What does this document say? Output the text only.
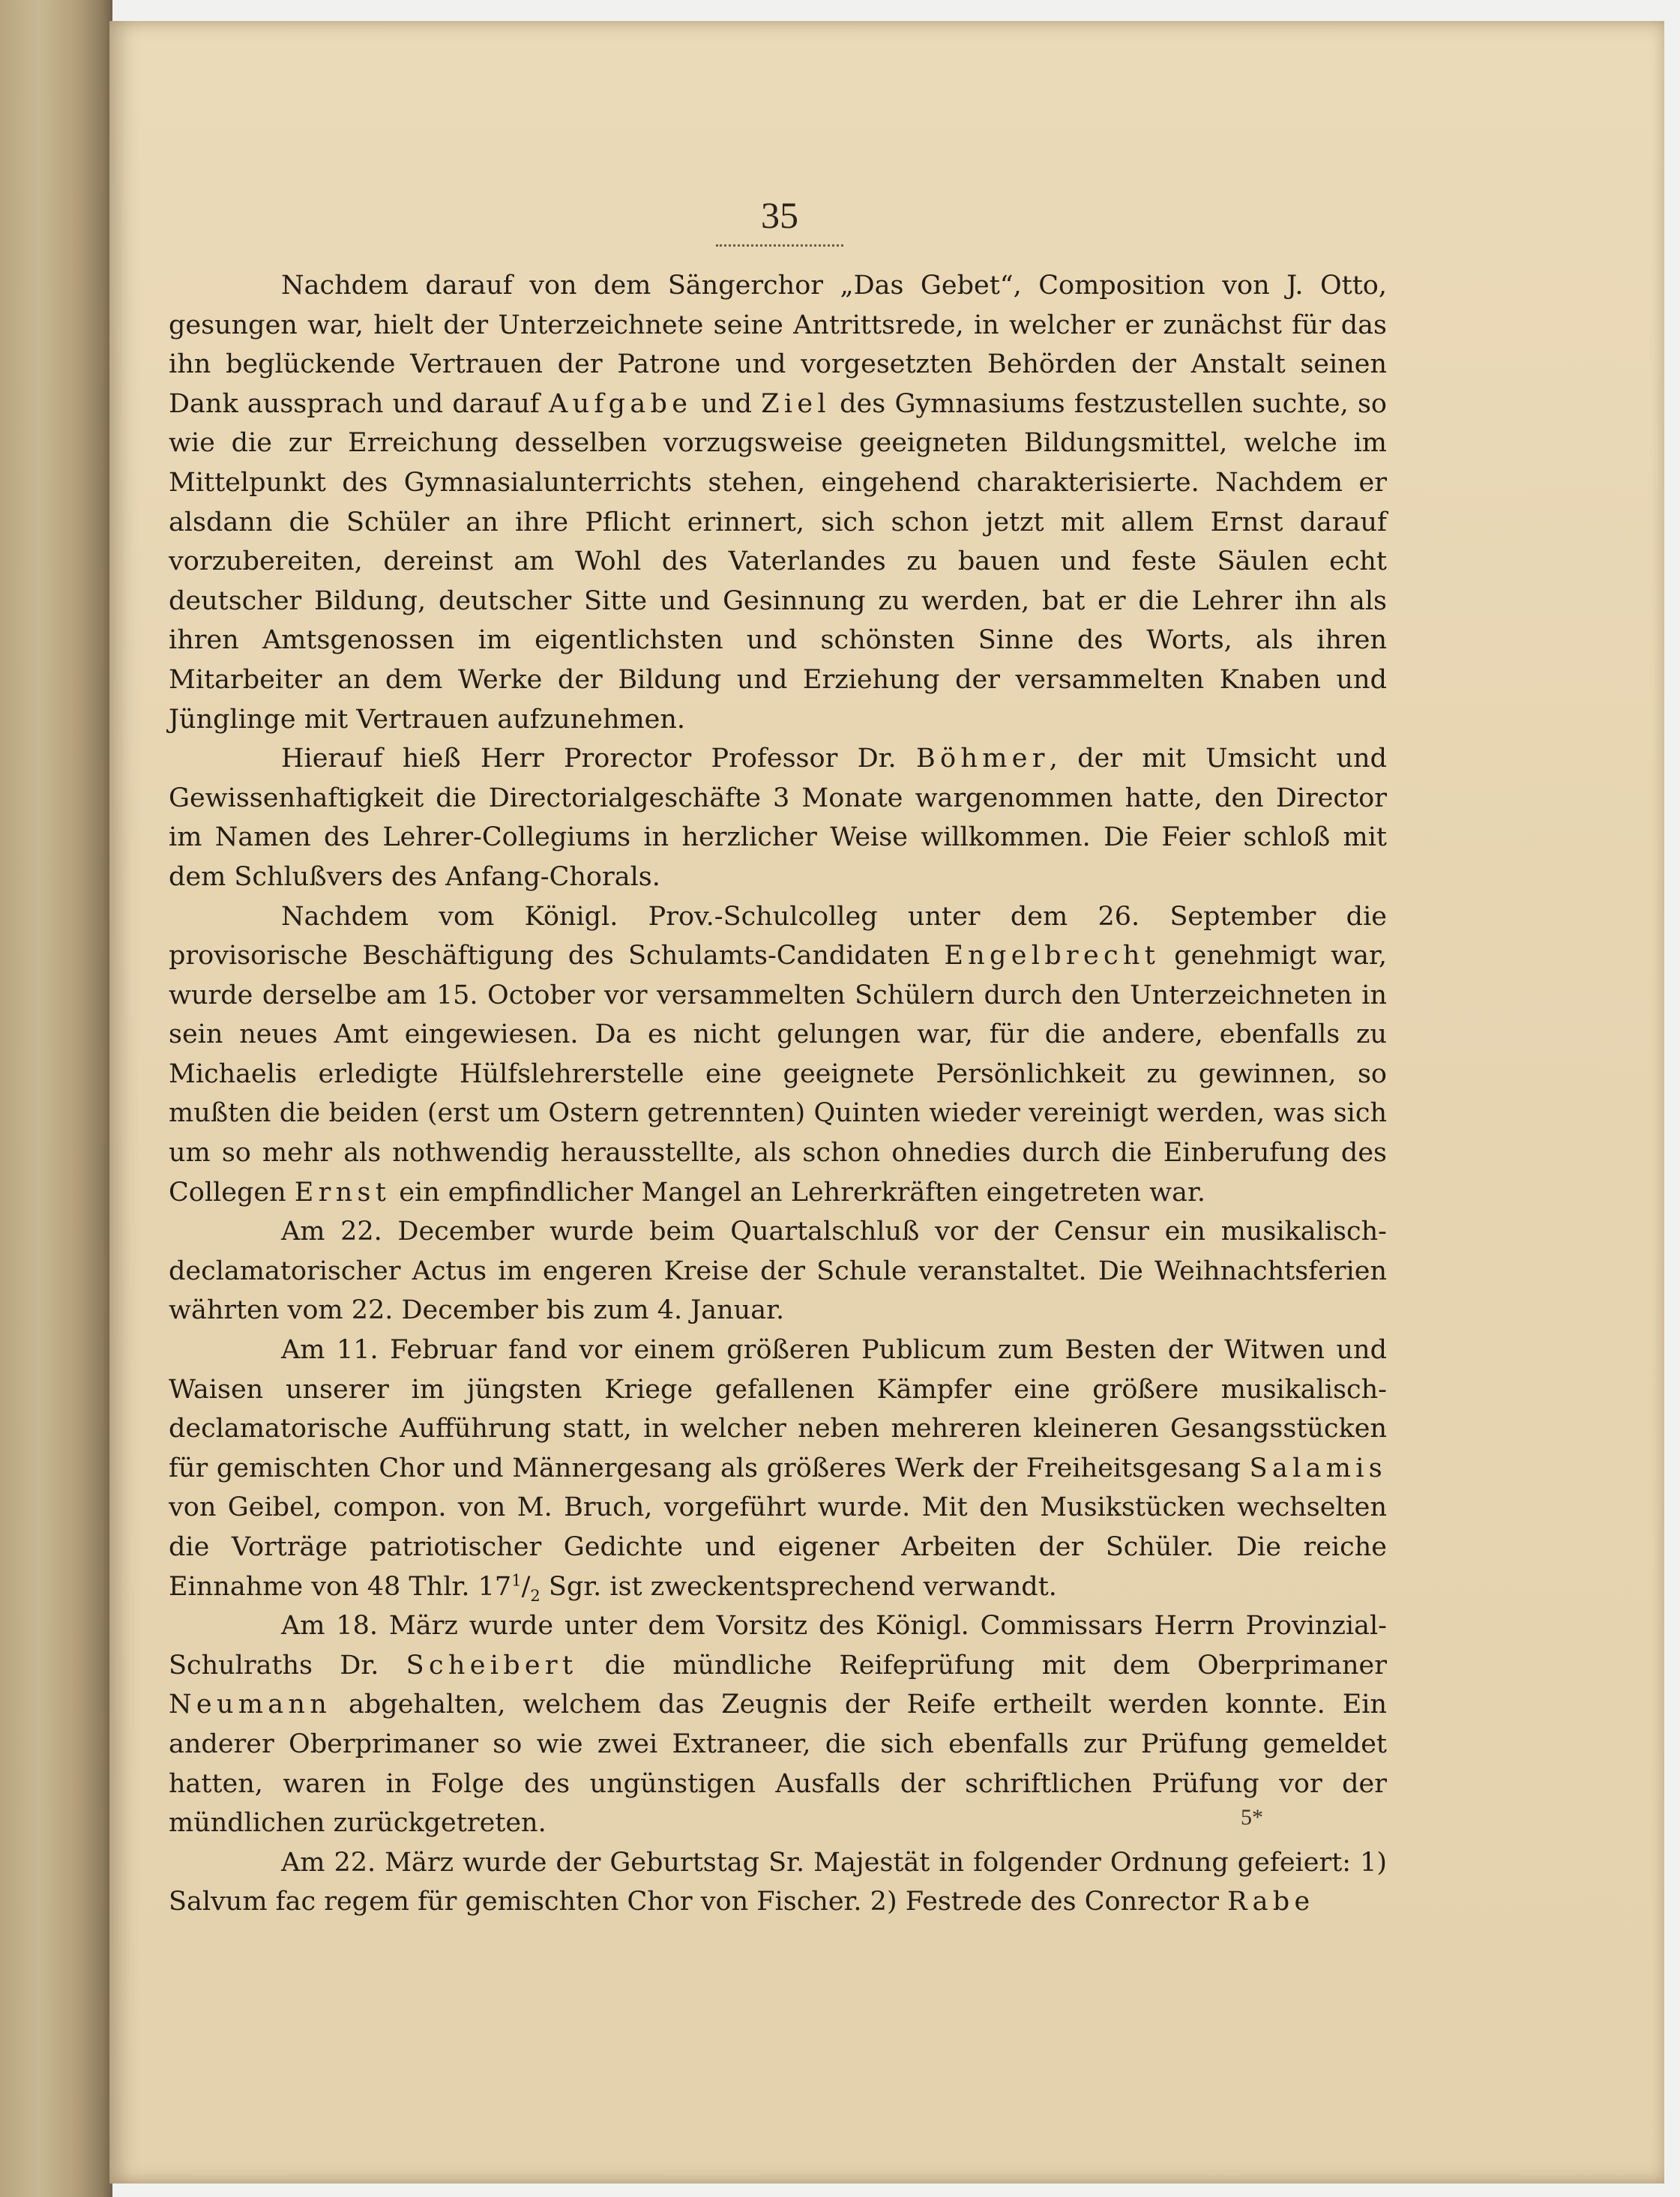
35

Nachdem darauf von dem Sängerchor „Das Gebet“, Composition von J. Otto, gesungen war, hielt der Unterzeichnete seine Antrittsrede, in welcher er zunächst für das ihn beglückende Vertrauen der Patrone und vorgesetzten Behörden der Anstalt seinen Dank aussprach und darauf Aufgabe und Ziel des Gymnasiums festzustellen suchte, so wie die zur Erreichung desselben vorzugsweise geeigneten Bildungsmittel, welche im Mittelpunkt des Gymnasialunterrichts stehen, eingehend charakterisierte. Nachdem er alsdann die Schüler an ihre Pflicht erinnert, sich schon jetzt mit allem Ernst darauf vorzubereiten, dereinst am Wohl des Vaterlandes zu bauen und feste Säulen echt deutscher Bildung, deutscher Sitte und Gesinnung zu werden, bat er die Lehrer ihn als ihren Amtsgenossen im eigentlichsten und schönsten Sinne des Worts, als ihren Mitarbeiter an dem Werke der Bildung und Erziehung der versammelten Knaben und Jünglinge mit Vertrauen aufzunehmen.

Hierauf hieß Herr Prorector Professor Dr. Böhmer, der mit Umsicht und Gewissenhaftigkeit die Directorialgeschäfte 3 Monate wargenommen hatte, den Director im Namen des Lehrer-Collegiums in herzlicher Weise willkommen. Die Feier schloß mit dem Schlußvers des Anfang-Chorals.

Nachdem vom Königl. Prov.-Schulcolleg unter dem 26. September die provisorische Beschäftigung des Schulamts-Candidaten Engelbrecht genehmigt war, wurde derselbe am 15. October vor versammelten Schülern durch den Unterzeichneten in sein neues Amt eingewiesen. Da es nicht gelungen war, für die andere, ebenfalls zu Michaelis erledigte Hülfslehrerstelle eine geeignete Persönlichkeit zu gewinnen, so mußten die beiden (erst um Ostern getrennten) Quinten wieder vereinigt werden, was sich um so mehr als nothwendig herausstellte, als schon ohnedies durch die Einberufung des Collegen Ernst ein empfindlicher Mangel an Lehrerkräften eingetreten war.

Am 22. December wurde beim Quartalschluß vor der Censur ein musikalisch-declamatorischer Actus im engeren Kreise der Schule veranstaltet. Die Weihnachtsferien währten vom 22. December bis zum 4. Januar.

Am 11. Februar fand vor einem größeren Publicum zum Besten der Witwen und Waisen unserer im jüngsten Kriege gefallenen Kämpfer eine größere musikalisch-declamatorische Aufführung statt, in welcher neben mehreren kleineren Gesangsstücken für gemischten Chor und Männergesang als größeres Werk der Freiheitsgesang Salamis von Geibel, compon. von M. Bruch, vorgeführt wurde. Mit den Musikstücken wechselten die Vorträge patriotischer Gedichte und eigener Arbeiten der Schüler. Die reiche Einnahme von 48 Thlr. $17^1/_2$ Sgr. ist zweckentsprechend verwandt.

Am 18. März wurde unter dem Vorsitz des Königl. Commissars Herrn Provinzial-Schulraths Dr. Scheibert die mündliche Reifeprüfung mit dem Oberprimaner Neumann abgehalten, welchem das Zeugnis der Reife ertheilt werden konnte. Ein anderer Oberprimaner so wie zwei Extraneer, die sich ebenfalls zur Prüfung gemeldet hatten, waren in Folge des ungünstigen Ausfalls der schriftlichen Prüfung vor der mündlichen zurückgetreten.

Am 22. März wurde der Geburtstag Sr. Majestät in folgender Ordnung gefeiert: 1) Salvum fac regem für gemischten Chor von Fischer. 2) Festrede des Conrector Rabe

5*
